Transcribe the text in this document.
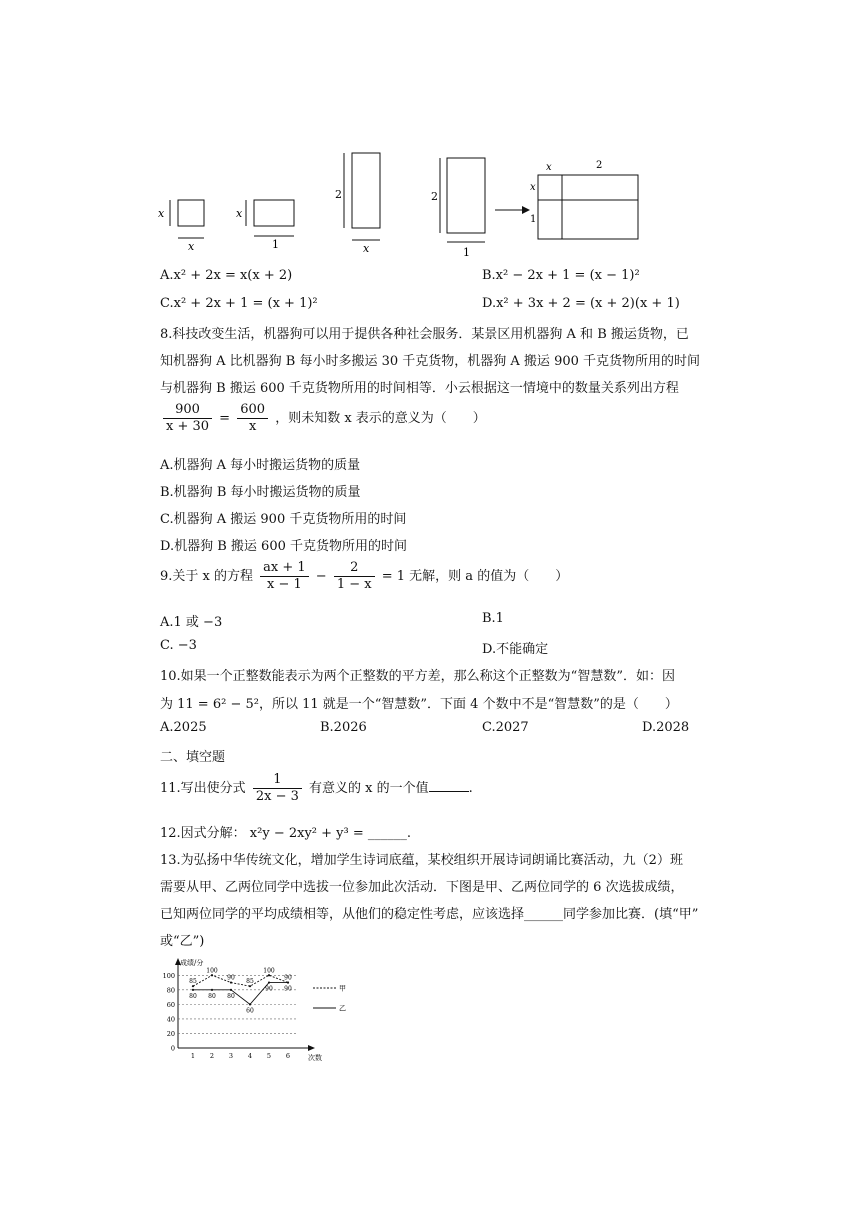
x
x
x
1
2
x
2
1
x	2
x
1
A.x² + 2x = x(x + 2)	B.x² − 2x + 1 = (x − 1)²
C.x² + 2x + 1 = (x + 1)²	D.x² + 3x + 2 = (x + 2)(x + 1)
8.科技改变生活，机器狗可以用于提供各种社会服务．某景区用机器狗 A 和 B 搬运货物，已
知机器狗 A 比机器狗 B 每小时多搬运 30 千克货物，机器狗 A 搬运 900 千克货物所用的时间
与机器狗 B 搬运 600 千克货物所用的时间相等．小云根据这一情境中的数量关系列出方程
$\frac{900}{x + 30} = \frac{600}{x}$ ，则未知数 x 表示的意义为（　　）
A.机器狗 A 每小时搬运货物的质量
B.机器狗 B 每小时搬运货物的质量
C.机器狗 A 搬运 900 千克货物所用的时间
D.机器狗 B 搬运 600 千克货物所用的时间
9.关于 x 的方程 $\frac{ax + 1}{x - 1} - \frac{2}{1 - x} = 1$ 无解，则 a 的值为（　　）
A.1 或 −3	B.1
C. −3	D.不能确定
10.如果一个正整数能表示为两个正整数的平方差，那么称这个正整数为“智慧数”．如：因
为 11 = 6² − 5²，所以 11 就是一个“智慧数”．下面 4 个数中不是“智慧数”的是（　　）
A.2025	B.2026	C.2027	D.2028
二、填空题
11.写出使分式 $\frac{1}{2x - 3}$ 有意义的 x 的一个值	.
12.因式分解： x²y − 2xy² + y³ = ______.
13.为弘扬中华传统文化，增加学生诗词底蕴，某校组织开展诗词朗诵比赛活动，九（2）班
需要从甲、乙两位同学中选拔一位参加此次活动．下图是甲、乙两位同学的 6 次选拔成绩，
已知两位同学的平均成绩相等，从他们的稳定性考虑，应该选择______同学参加比赛．(填“甲”
或“乙”)
成绩/分
次数
0
20
40
60
80
100
1 2 3 4 5 6
85
100
90
85
100
90
甲
80 80 80
60
90 90
乙
